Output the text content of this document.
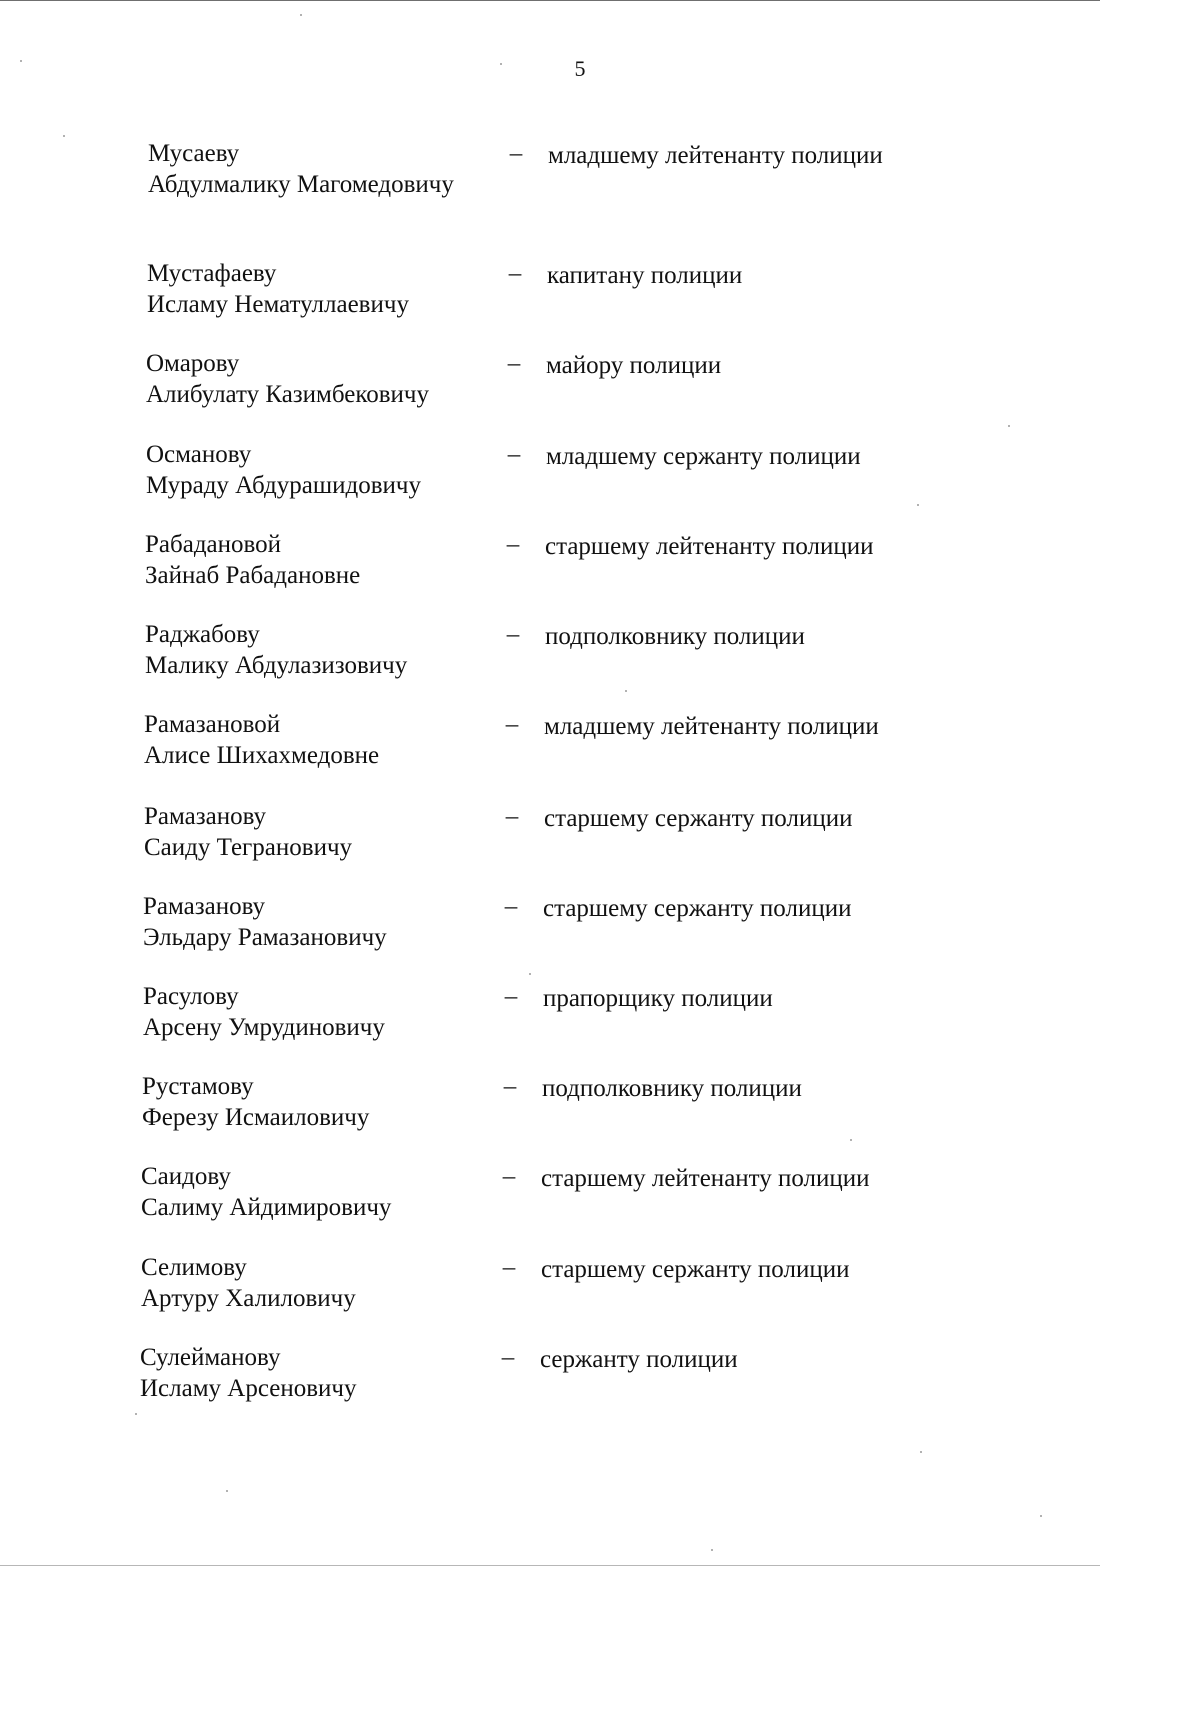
5
Мусаеву
Абдулмалику Магомедовичу
– младшему лейтенанту полиции
Мустафаеву
Исламу Нематуллаевичу
– капитану полиции
Омарову
Алибулату Казимбековичу
– майору полиции
Османову
Мураду Абдурашидовичу
– младшему сержанту полиции
Рабадановой
Зайнаб Рабадановне
– старшему лейтенанту полиции
Раджабову
Малику Абдулазизовичу
– подполковнику полиции
Рамазановой
Алисе Шихахмедовне
– младшему лейтенанту полиции
Рамазанову
Саиду Теграновичу
– старшему сержанту полиции
Рамазанову
Эльдару Рамазановичу
– старшему сержанту полиции
Расулову
Арсену Умрудиновичу
– прапорщику полиции
Рустамову
Ферезу Исмаиловичу
– подполковнику полиции
Саидову
Салиму Айдимировичу
– старшему лейтенанту полиции
Селимову
Артуру Халиловичу
– старшему сержанту полиции
Сулейманову
Исламу Арсеновичу
– сержанту полиции
